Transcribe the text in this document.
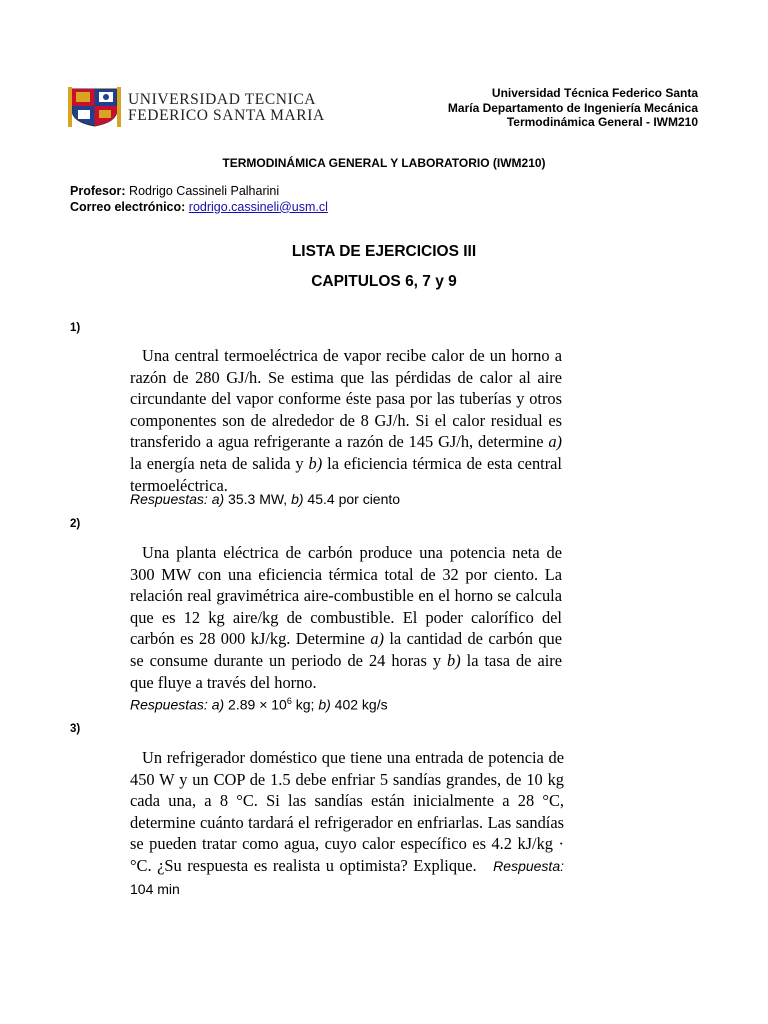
UNIVERSIDAD TECNICA
FEDERICO SANTA MARIA
Universidad Técnica Federico Santa
María Departamento de Ingeniería Mecánica
Termodinámica General - IWM210
TERMODINÁMICA GENERAL Y LABORATORIO (IWM210)
Profesor: Rodrigo Cassineli Palharini
Correo electrónico: rodrigo.cassineli@usm.cl
LISTA DE EJERCICIOS III
CAPITULOS 6, 7 y 9
1)
Una central termoeléctrica de vapor recibe calor de un horno a razón de 280 GJ/h. Se estima que las pérdidas de calor al aire circundante del vapor conforme éste pasa por las tuberías y otros componentes son de alrededor de 8 GJ/h. Si el calor residual es transferido a agua refrigerante a razón de 145 GJ/h, determine a) la energía neta de salida y b) la eficiencia térmica de esta central termoeléctrica.
Respuestas: a) 35.3 MW, b) 45.4 por ciento
2)
Una planta eléctrica de carbón produce una potencia neta de 300 MW con una eficiencia térmica total de 32 por ciento. La relación real gravimétrica aire-combustible en el horno se calcula que es 12 kg aire/kg de combustible. El poder calorífico del carbón es 28 000 kJ/kg. Determine a) la cantidad de carbón que se consume durante un periodo de 24 horas y b) la tasa de aire que fluye a través del horno.
Respuestas: a) $2.89 \times 10^6$ kg; b) 402 kg/s
3)
Un refrigerador doméstico que tiene una entrada de potencia de 450 W y un COP de 1.5 debe enfriar 5 sandías grandes, de 10 kg cada una, a 8 °C. Si las sandías están inicialmente a 28 °C, determine cuánto tardará el refrigerador en enfriarlas. Las sandías se pueden tratar como agua, cuyo calor específico es 4.2 kJ/kg · °C. ¿Su respuesta es realista u optimista? Explique. Respuesta: 104 min
